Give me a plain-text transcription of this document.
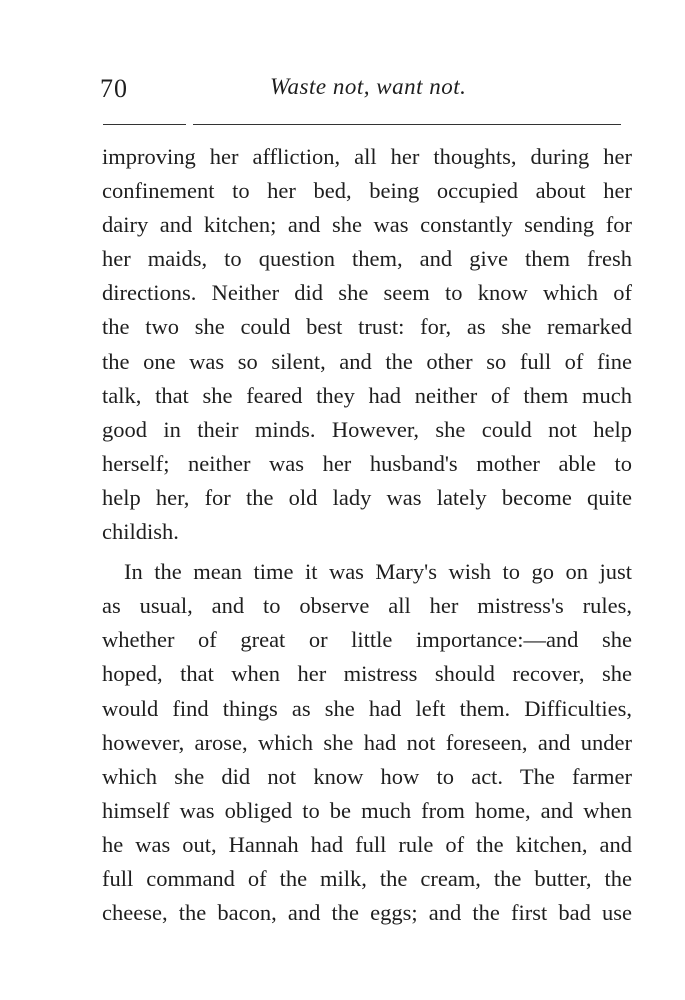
70	Waste not, want not.
improving her affliction, all her thoughts, during her
confinement to her bed, being occupied about her
dairy and kitchen; and she was constantly sending for
her maids, to question them, and give them fresh
directions. Neither did she seem to know which of
the two she could best trust: for, as she remarked
the one was so silent, and the other so full of fine
talk, that she feared they had neither of them much
good in their minds. However, she could not help
herself; neither was her husband's mother able to
help her, for the old lady was lately become quite
childish.
In the mean time it was Mary's wish to go on just
as usual, and to observe all her mistress's rules,
whether of great or little importance:—and she
hoped, that when her mistress should recover, she
would find things as she had left them. Difficulties,
however, arose, which she had not foreseen, and under
which she did not know how to act. The farmer
himself was obliged to be much from home, and when
he was out, Hannah had full rule of the kitchen, and
full command of the milk, the cream, the butter, the
cheese, the bacon, and the eggs; and the first bad use
